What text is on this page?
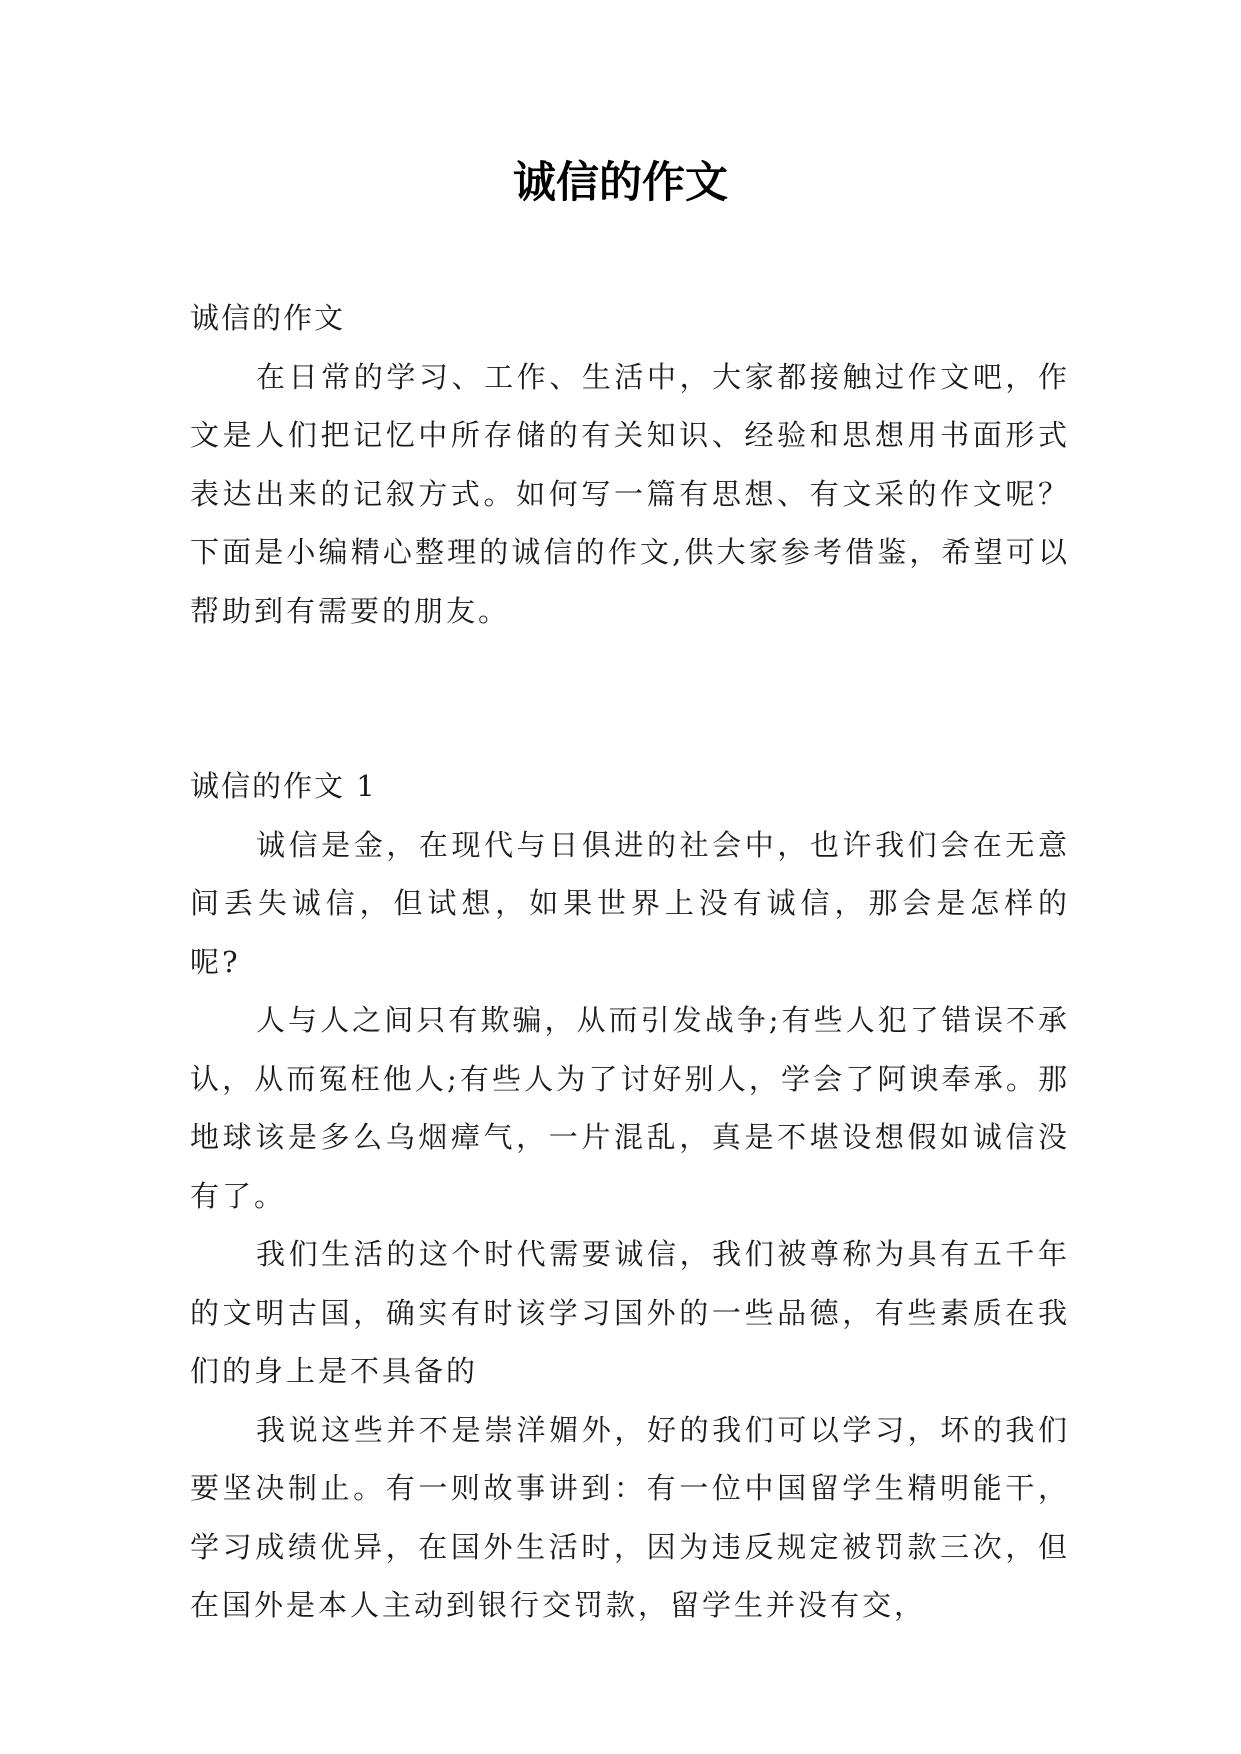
诚信的作文

诚信的作文

在日常的学习、工作、生活中，大家都接触过作文吧，作文是人们把记忆中所存储的有关知识、经验和思想用书面形式表达出来的记叙方式。如何写一篇有思想、有文采的作文呢？下面是小编精心整理的诚信的作文,供大家参考借鉴，希望可以帮助到有需要的朋友。

诚信的作文 1

诚信是金，在现代与日俱进的社会中，也许我们会在无意间丢失诚信，但试想，如果世界上没有诚信，那会是怎样的呢?

人与人之间只有欺骗，从而引发战争;有些人犯了错误不承认，从而冤枉他人;有些人为了讨好别人，学会了阿谀奉承。那地球该是多么乌烟瘴气，一片混乱，真是不堪设想假如诚信没有了。

我们生活的这个时代需要诚信，我们被尊称为具有五千年的文明古国，确实有时该学习国外的一些品德，有些素质在我们的身上是不具备的

我说这些并不是崇洋媚外，好的我们可以学习，坏的我们要坚决制止。有一则故事讲到：有一位中国留学生精明能干，学习成绩优异，在国外生活时，因为违反规定被罚款三次，但在国外是本人主动到银行交罚款，留学生并没有交，
